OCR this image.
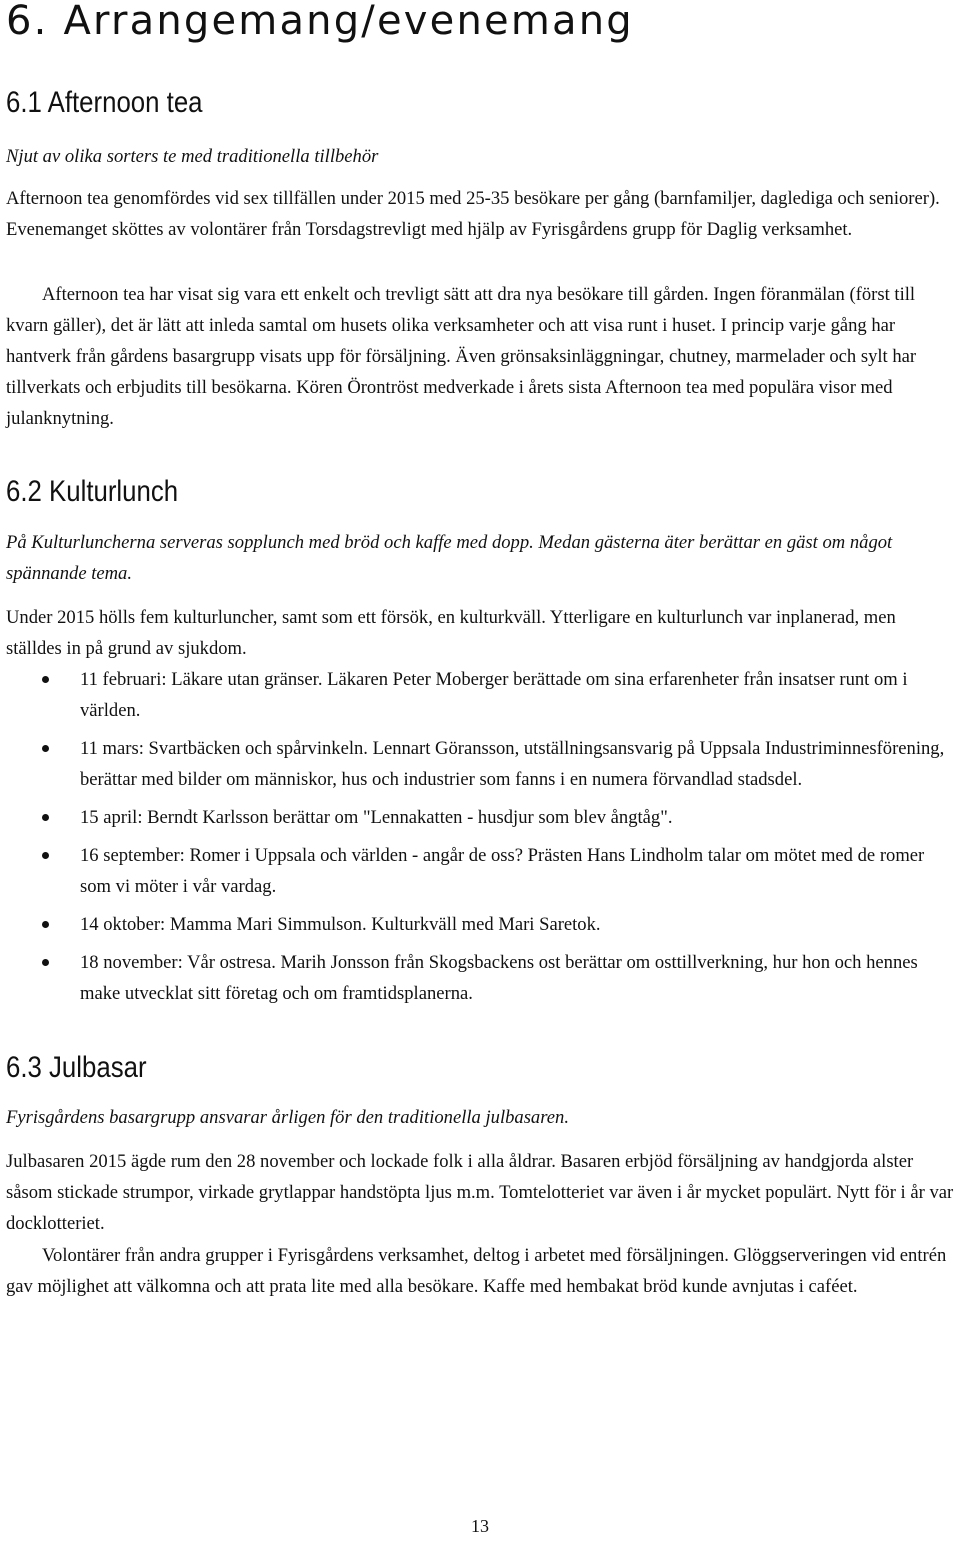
6. Arrangemang/evenemang
6.1 Afternoon tea

Njut av olika sorters te med traditionella tillbehör

Afternoon tea genomfördes vid sex tillfällen under 2015 med 25-35 besökare per gång (barnfamiljer, daglediga och seniorer). Evenemanget sköttes av volontärer från Torsdagstrevligt med hjälp av Fyrisgårdens grupp för Daglig verksamhet.

Afternoon tea har visat sig vara ett enkelt och trevligt sätt att dra nya besökare till gården. Ingen föranmälan (först till kvarn gäller), det är lätt att inleda samtal om husets olika verksamheter och att visa runt i huset. I princip varje gång har hantverk från gårdens basargrupp visats upp för försäljning. Även grönsaksinläggningar, chutney, marmelader och sylt har tillverkats och erbjudits till besökarna. Kören Örontröst medverkade i årets sista Afternoon tea med populära visor med julanknytning.

6.2 Kulturlunch

På Kulturluncherna serveras sopplunch med bröd och kaffe med dopp. Medan gästerna äter berättar en gäst om något spännande tema.

Under 2015 hölls fem kulturluncher, samt som ett försök, en kulturkväll. Ytterligare en kulturlunch var inplanerad, men ställdes in på grund av sjukdom.

11 februari: Läkare utan gränser. Läkaren Peter Moberger berättade om sina erfarenheter från insatser runt om i världen.
11 mars: Svartbäcken och spårvinkeln. Lennart Göransson, utställningsansvarig på Uppsala Industriminnesförening, berättar med bilder om människor, hus och industrier som fanns i en numera förvandlad stadsdel.
15 april: Berndt Karlsson berättar om "Lennakatten - husdjur som blev ångtåg".
16 september: Romer i Uppsala och världen - angår de oss? Prästen Hans Lindholm talar om mötet med de romer som vi möter i vår vardag.
14 oktober: Mamma Mari Simmulson. Kulturkväll med Mari Saretok.
18 november: Vår ostresa. Marih Jonsson från Skogsbackens ost berättar om osttillverkning, hur hon och hennes make utvecklat sitt företag och om framtidsplanerna.
6.3 Julbasar

Fyrisgårdens basargrupp ansvarar årligen för den traditionella julbasaren.

Julbasaren 2015 ägde rum den 28 november och lockade folk i alla åldrar. Basaren erbjöd försäljning av handgjorda alster såsom stickade strumpor, virkade grytlappar handstöpta ljus m.m. Tomtelotteriet var även i år mycket populärt. Nytt för i år var docklotteriet.

Volontärer från andra grupper i Fyrisgårdens verksamhet, deltog i arbetet med försäljningen. Glöggserveringen vid entrén gav möjlighet att välkomna och att prata lite med alla besökare. Kaffe med hembakat bröd kunde avnjutas i caféet.

13
